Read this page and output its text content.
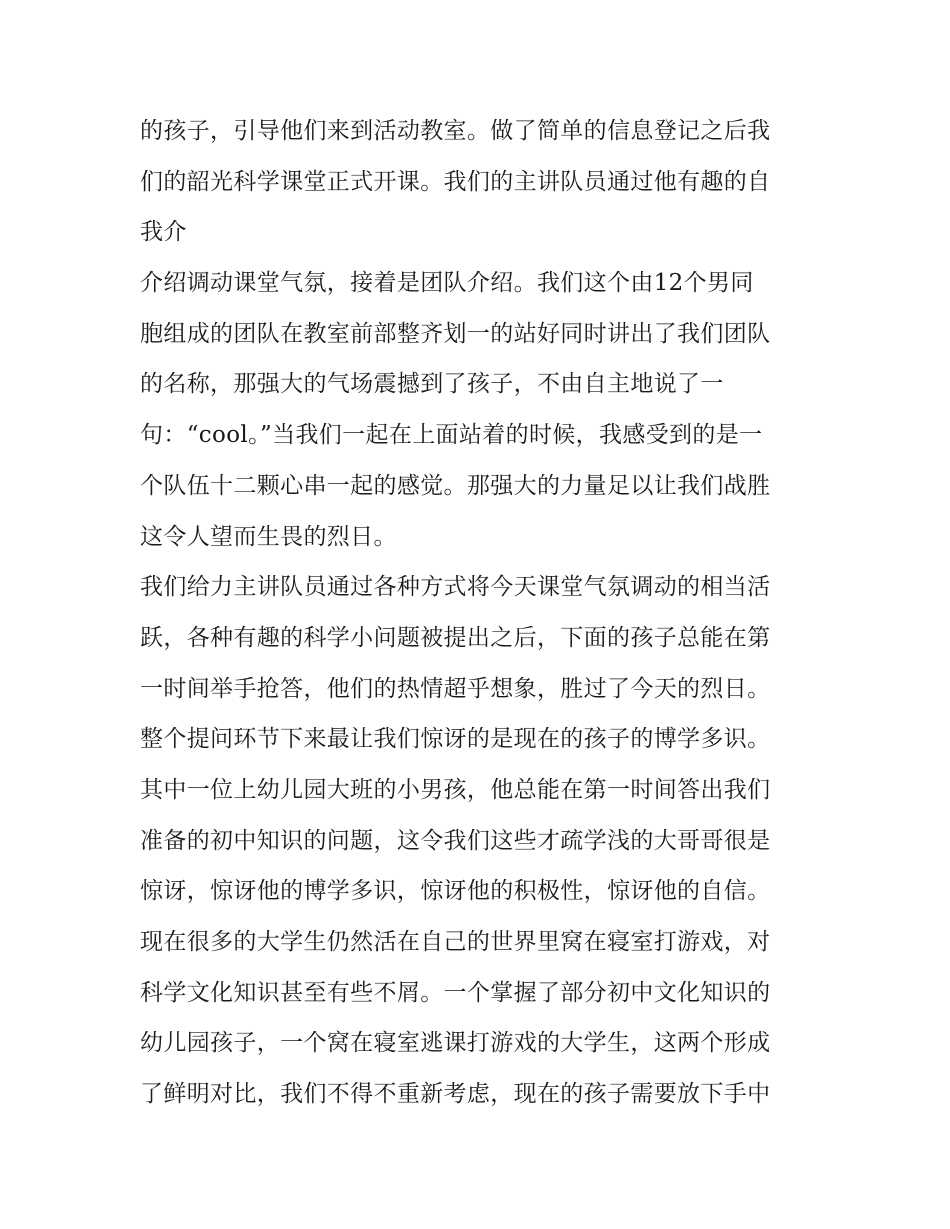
的孩子，引导他们来到活动教室。做了简单的信息登记之后我
们的韶光科学课堂正式开课。我们的主讲队员通过他有趣的自
我介
介绍调动课堂气氛，接着是团队介绍。我们这个由12个男同
胞组成的团队在教室前部整齐划一的站好同时讲出了我们团队
的名称，那强大的气场震撼到了孩子，不由自主地说了一
句：“cool。”当我们一起在上面站着的时候，我感受到的是一
个队伍十二颗心串一起的感觉。那强大的力量足以让我们战胜
这令人望而生畏的烈日。
我们给力主讲队员通过各种方式将今天课堂气氛调动的相当活
跃，各种有趣的科学小问题被提出之后，下面的孩子总能在第
一时间举手抢答，他们的热情超乎想象，胜过了今天的烈日。
整个提问环节下来最让我们惊讶的是现在的孩子的博学多识。
其中一位上幼儿园大班的小男孩，他总能在第一时间答出我们
准备的初中知识的问题，这令我们这些才疏学浅的大哥哥很是
惊讶，惊讶他的博学多识，惊讶他的积极性，惊讶他的自信。
现在很多的大学生仍然活在自己的世界里窝在寝室打游戏，对
科学文化知识甚至有些不屑。一个掌握了部分初中文化知识的
幼儿园孩子，一个窝在寝室逃课打游戏的大学生，这两个形成
了鲜明对比，我们不得不重新考虑，现在的孩子需要放下手中
